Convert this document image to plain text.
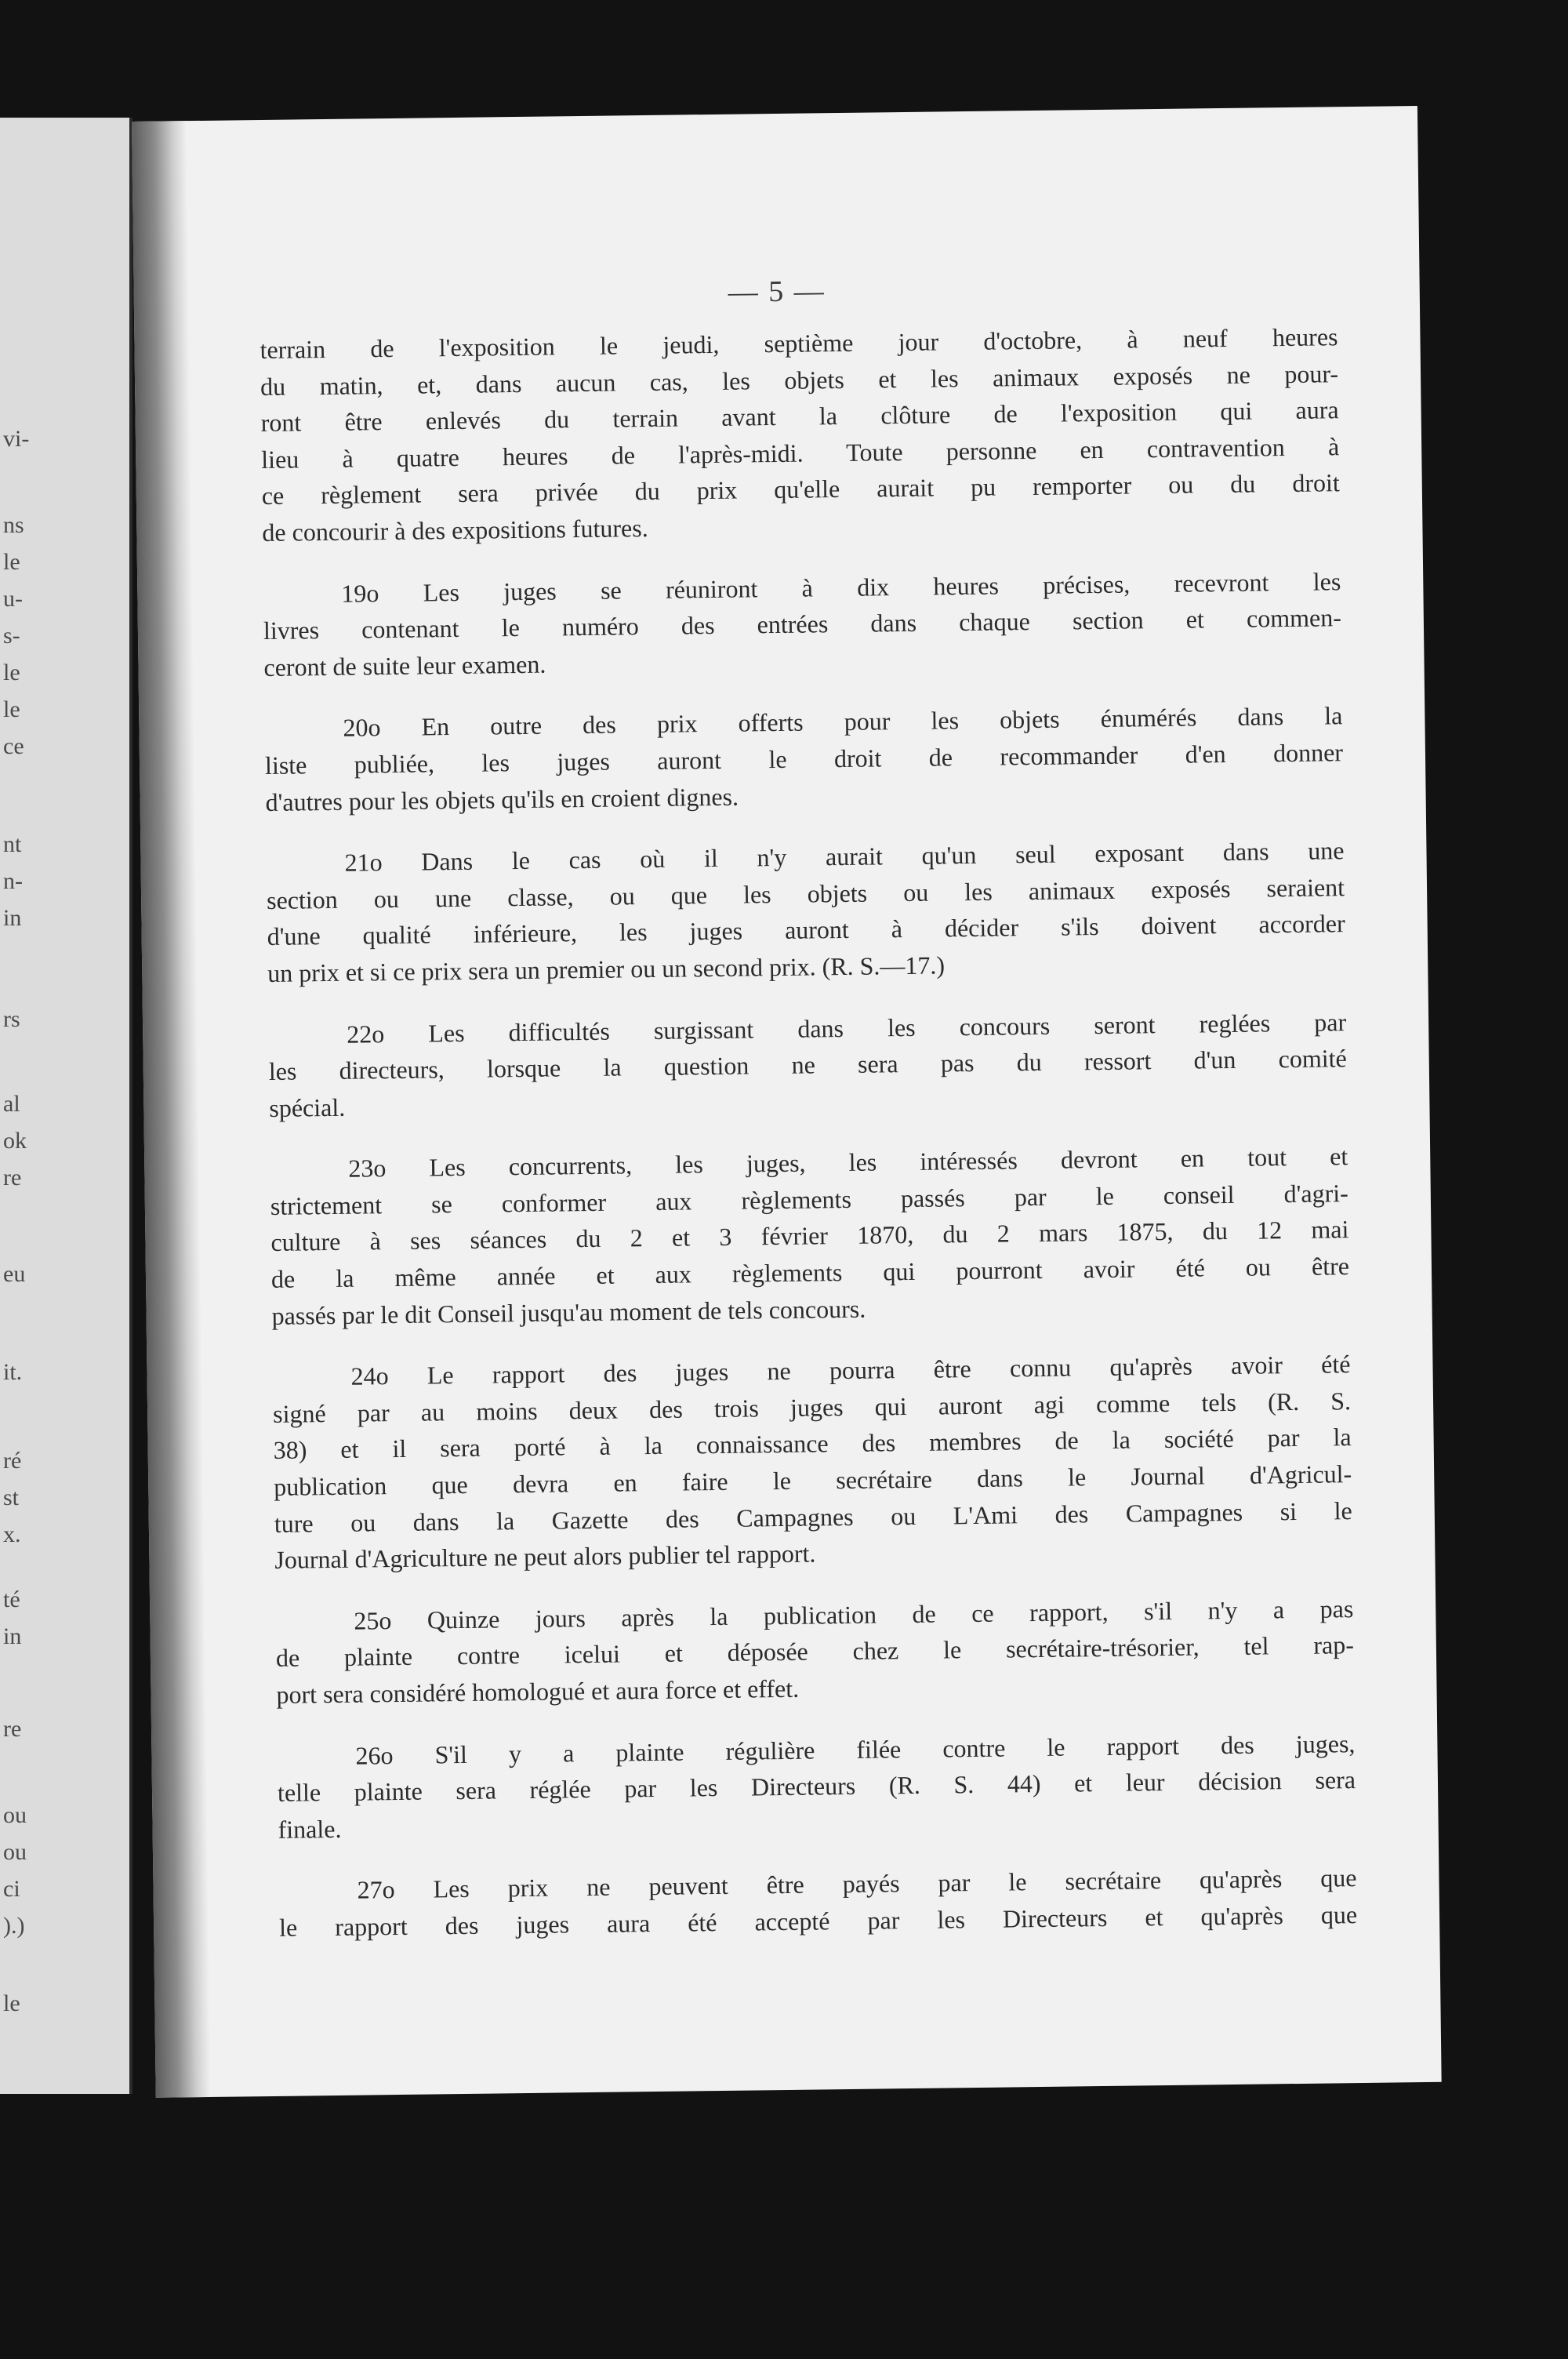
vi-
ns
le
u-
s-
le
le
ce
nt
n-
in
rs
al
ok
re
eu
it.
ré
st
x.
té
in
re
ou
ou
ci
).)
le
— 5 —
terrain de l'exposition le jeudi, septième jour d'octobre, à neuf heures
du matin, et, dans aucun cas, les objets et les animaux exposés ne pour-
ront être enlevés du terrain avant la clôture de l'exposition qui aura
lieu à quatre heures de l'après-midi. Toute personne en contravention à
ce règlement sera privée du prix qu'elle aurait pu remporter ou du droit
de concourir à des expositions futures.
19o Les juges se réuniront à dix heures précises, recevront les
livres contenant le numéro des entrées dans chaque section et commen-
ceront de suite leur examen.
20o En outre des prix offerts pour les objets énumérés dans la
liste publiée, les juges auront le droit de recommander d'en donner
d'autres pour les objets qu'ils en croient dignes.
21o Dans le cas où il n'y aurait qu'un seul exposant dans une
section ou une classe, ou que les objets ou les animaux exposés seraient
d'une qualité inférieure, les juges auront à décider s'ils doivent accorder
un prix et si ce prix sera un premier ou un second prix. (R. S.—17.)
22o Les difficultés surgissant dans les concours seront reglées par
les directeurs, lorsque la question ne sera pas du ressort d'un comité
spécial.
23o Les concurrents, les juges, les intéressés devront en tout et
strictement se conformer aux règlements passés par le conseil d'agri-
culture à ses séances du 2 et 3 février 1870, du 2 mars 1875, du 12 mai
de la même année et aux règlements qui pourront avoir été ou être
passés par le dit Conseil jusqu'au moment de tels concours.
24o Le rapport des juges ne pourra être connu qu'après avoir été
signé par au moins deux des trois juges qui auront agi comme tels (R. S.
38) et il sera porté à la connaissance des membres de la société par la
publication que devra en faire le secrétaire dans le Journal d'Agricul-
ture ou dans la Gazette des Campagnes ou L'Ami des Campagnes si le
Journal d'Agriculture ne peut alors publier tel rapport.
25o Quinze jours après la publication de ce rapport, s'il n'y a pas
de plainte contre icelui et déposée chez le secrétaire-trésorier, tel rap-
port sera considéré homologué et aura force et effet.
26o S'il y a plainte régulière filée contre le rapport des juges,
telle plainte sera réglée par les Directeurs (R. S. 44) et leur décision sera
finale.
27o Les prix ne peuvent être payés par le secrétaire qu'après que
le rapport des juges aura été accepté par les Directeurs et qu'après que
